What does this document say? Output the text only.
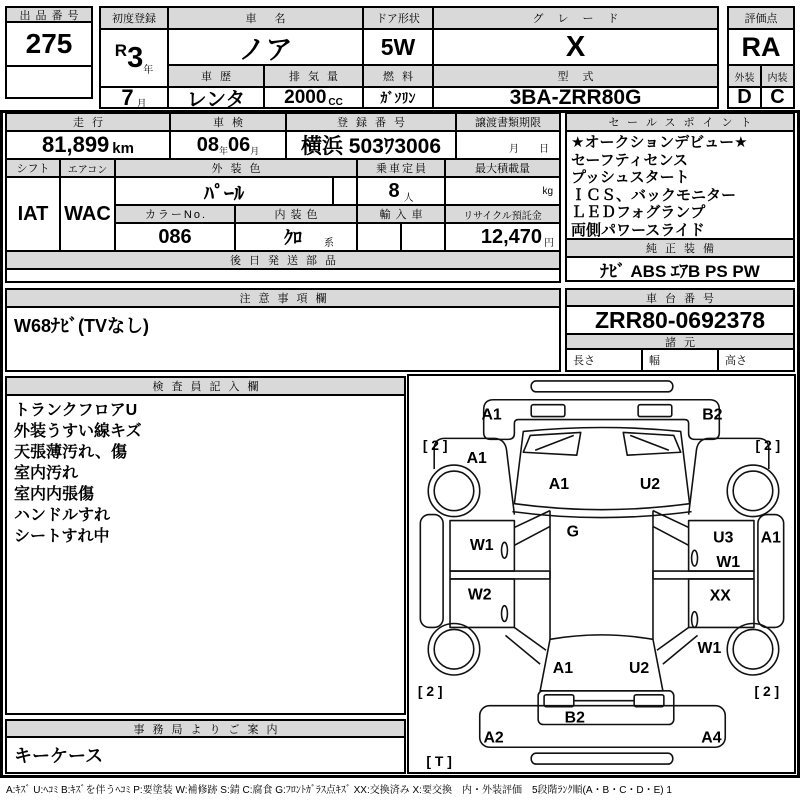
出品番号
275
初度登録	車名	ドア形状	グレード
R 3 年
ノア	5W	X
車歴	排気量	燃料	型式
7 月	レンタ	2000 CC	ｶﾞｿﾘﾝ	3BA-ZRR80G
評価点
RA
外装	内装
D C
走行	車検	登録番号	譲渡書類期限
81,899 km	08 年 06 月	横浜 503ﾜ3006	月　　日
シフト	エアコン	外装色	乗車定員	最大積載量
IAT WAC
ﾊﾟｰﾙ	8 人
kg
カラーNo.	内装色	輸入車	リサイクル預託金
086	ｸﾛ 系	12,470 円
後日発送部品
セールスポイント
★オークションデビュー★
セーフティセンス
プッシュスタート
ＩＣＳ、バックモニター
ＬＥＤフォグランプ
両側パワースライド
純正装備
ﾅﾋﾞ ABS ｴｱB PS PW
注意事項欄
W68ﾅﾋﾞ(TVなし)
車台番号
ZRR80-0692378
諸元
長さ	幅	高さ
検査員記入欄
トランクフロアU
外装うすい線キズ
天張薄汚れ、傷
室内汚れ
室内内張傷
ハンドルすれ
シートすれ中
事務局よりご案内
キーケース
A1	B2
[ 2 ]	[ 2 ]
A1
A1	U2
G
W1	U3
W1
A1
W2	XX
W1
A1	U2
[ 2 ]	[ 2 ]
B2
A2	A4
[ T ]
A:ｷｽﾞ U:ﾍｺﾐ B:ｷｽﾞを伴うﾍｺﾐ P:要塗装 W:補修跡 S:錆 C:腐食 G:ﾌﾛﾝﾄｶﾞﾗｽ点ｷｽﾞ XX:交換済み X:要交換　内・外装評価　5段階ﾗﾝｸ順(A・B・C・D・E) 1
